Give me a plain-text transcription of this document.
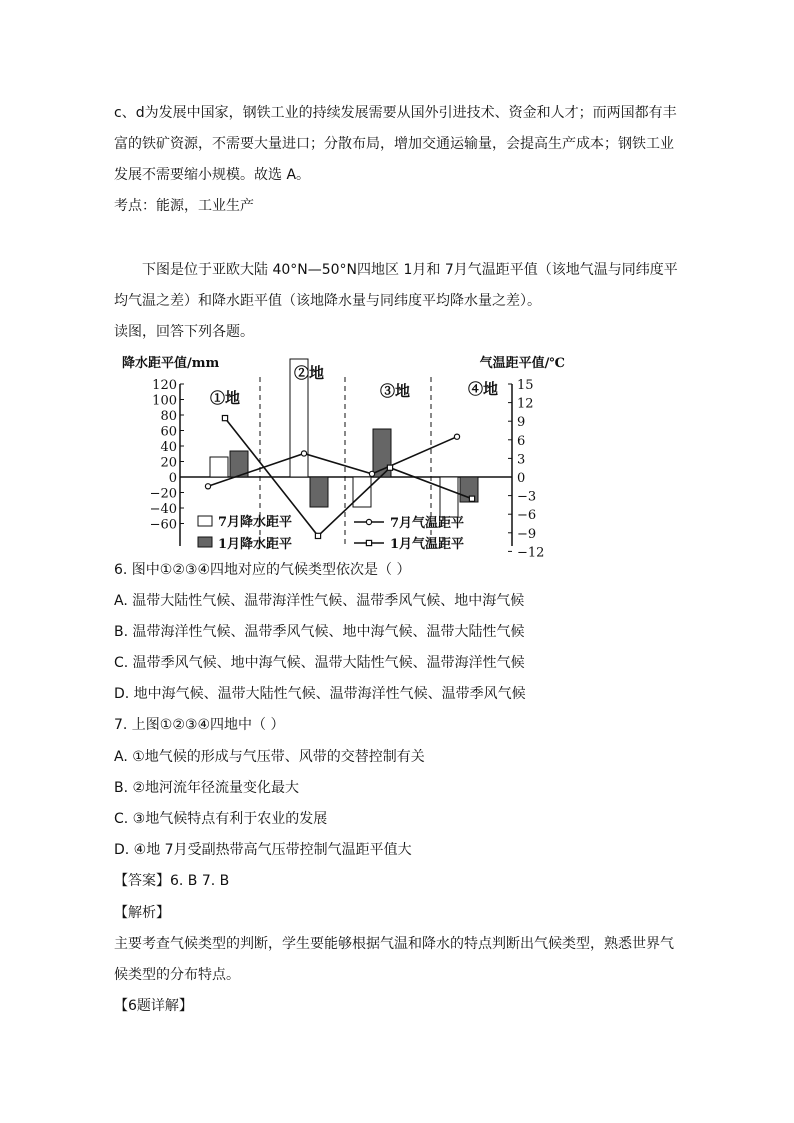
c、d为发展中国家，钢铁工业的持续发展需要从国外引进技术、资金和人才；而两国都有丰
富的铁矿资源，不需要大量进口；分散布局，增加交通运输量，会提高生产成本；钢铁工业
发展不需要缩小规模。故选 A。
考点：能源，工业生产
下图是位于亚欧大陆 40°N—50°N四地区 1月和 7月气温距平值（该地气温与同纬度平
均气温之差）和降水距平值（该地降水量与同纬度平均降水量之差）。
读图，回答下列各题。
降水距平值/mm	气温距平值/℃
120
100
80
60
40
20
0
−20
−40
−60
15
12
9
6
3
0
−3
−6
−9
−12
①地
②地
③地	④地
7月降水距平
1月降水距平
7月气温距平
1月气温距平
6. 图中①②③④四地对应的气候类型依次是（ ）
A. 温带大陆性气候、温带海洋性气候、温带季风气候、地中海气候
B. 温带海洋性气候、温带季风气候、地中海气候、温带大陆性气候
C. 温带季风气候、地中海气候、温带大陆性气候、温带海洋性气候
D. 地中海气候、温带大陆性气候、温带海洋性气候、温带季风气候
7. 上图①②③④四地中（ ）
A. ①地气候的形成与气压带、风带的交替控制有关
B. ②地河流年径流量变化最大
C. ③地气候特点有利于农业的发展
D. ④地 7月受副热带高气压带控制气温距平值大
【答案】6. B 7. B
【解析】
主要考查气候类型的判断，学生要能够根据气温和降水的特点判断出气候类型，熟悉世界气
候类型的分布特点。
【6题详解】
